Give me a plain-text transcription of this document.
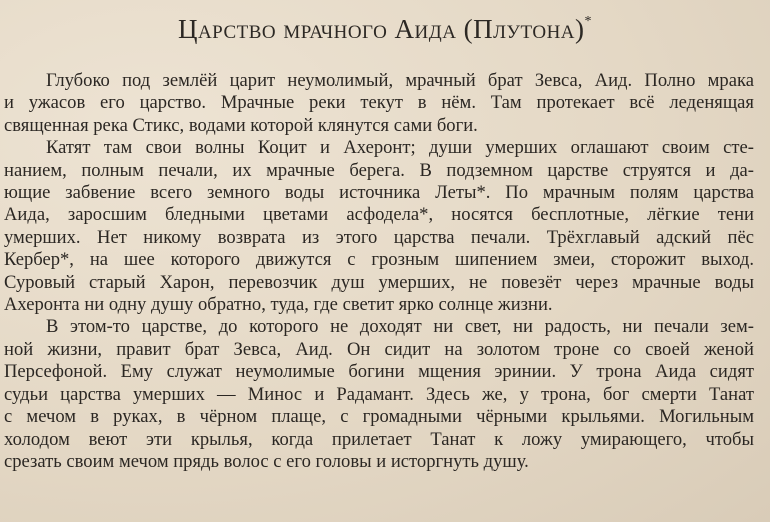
Царство мрачного Аида (Плутона)*
Глубоко под землёй царит неумолимый, мрачный брат Зевса, Аид. Полно мрака
и ужасов его царство. Мрачные реки текут в нём. Там протекает всё леденящая
священная река Стикс, водами которой клянутся сами боги.
Катят там свои волны Коцит и Ахеронт; души умерших оглашают своим сте-
нанием, полным печали, их мрачные берега. В подземном царстве струятся и да-
ющие забвение всего земного воды источника Леты*. По мрачным полям царства
Аида, заросшим бледными цветами асфодела*, носятся бесплотные, лёгкие тени
умерших. Нет никому возврата из этого царства печали. Трёхглавый адский пёс
Кербер*, на шее которого движутся с грозным шипением змеи, сторожит выход.
Суровый старый Харон, перевозчик душ умерших, не повезёт через мрачные воды
Ахеронта ни одну душу обратно, туда, где светит ярко солнце жизни.
В этом-то царстве, до которого не доходят ни свет, ни радость, ни печали зем-
ной жизни, правит брат Зевса, Аид. Он сидит на золотом троне со своей женой
Персефоной. Ему служат неумолимые богини мщения эринии. У трона Аида сидят
судьи царства умерших — Минос и Радамант. Здесь же, у трона, бог смерти Танат
с мечом в руках, в чёрном плаще, с громадными чёрными крыльями. Могильным
холодом веют эти крылья, когда прилетает Танат к ложу умирающего, чтобы
срезать своим мечом прядь волос с его головы и исторгнуть душу.
